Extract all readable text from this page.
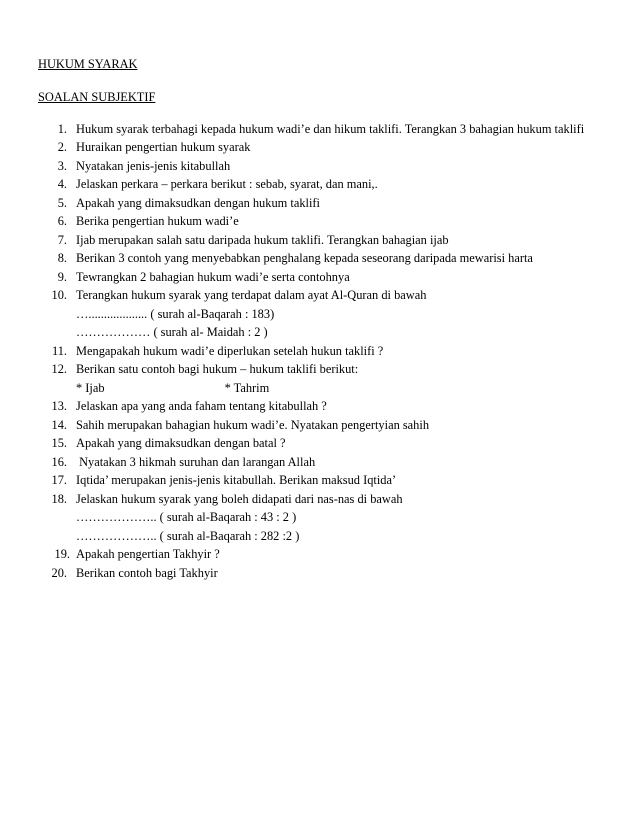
HUKUM SYARAK
SOALAN SUBJEKTIF
1. Hukum syarak terbahagi kepada hukum wadi’e dan hikum taklifi. Terangkan 3 bahagian hukum taklifi
2. Huraikan pengertian hukum syarak
3. Nyatakan jenis-jenis kitabullah
4. Jelaskan perkara – perkara berikut : sebab, syarat, dan mani,.
5. Apakah yang dimaksudkan dengan hukum taklifi
6. Berika pengertian hukum wadi’e
7. Ijab merupakan salah satu daripada hukum taklifi. Terangkan bahagian ijab
8. Berikan 3 contoh yang menyebabkan penghalang kepada seseorang daripada mewarisi harta
9. Tewrangkan 2 bahagian hukum wadi’e serta contohnya
10. Terangkan hukum syarak yang terdapat dalam ayat Al-Quran di bawah
…................... ( surah al-Baqarah : 183)
……………… ( surah al- Maidah : 2 )
11. Mengapakah hukum wadi’e diperlukan setelah hukun taklifi ?
12. Berikan satu contoh bagi hukum – hukum taklifi berikut:
* Ijab	* Tahrim
13. Jelaskan apa yang anda faham tentang kitabullah ?
14. Sahih merupakan bahagian hukum wadi’e. Nyatakan pengertyian sahih
15. Apakah yang dimaksudkan dengan batal ?
16. Nyatakan 3 hikmah suruhan dan larangan Allah
17. Iqtida’ merupakan jenis-jenis kitabullah. Berikan maksud Iqtida’
18. Jelaskan hukum syarak yang boleh didapati dari nas-nas di bawah
……………….. ( surah al-Baqarah : 43 : 2 )
……………….. ( surah al-Baqarah : 282 :2 )
19. Apakah pengertian Takhyir ?
20. Berikan contoh bagi Takhyir
